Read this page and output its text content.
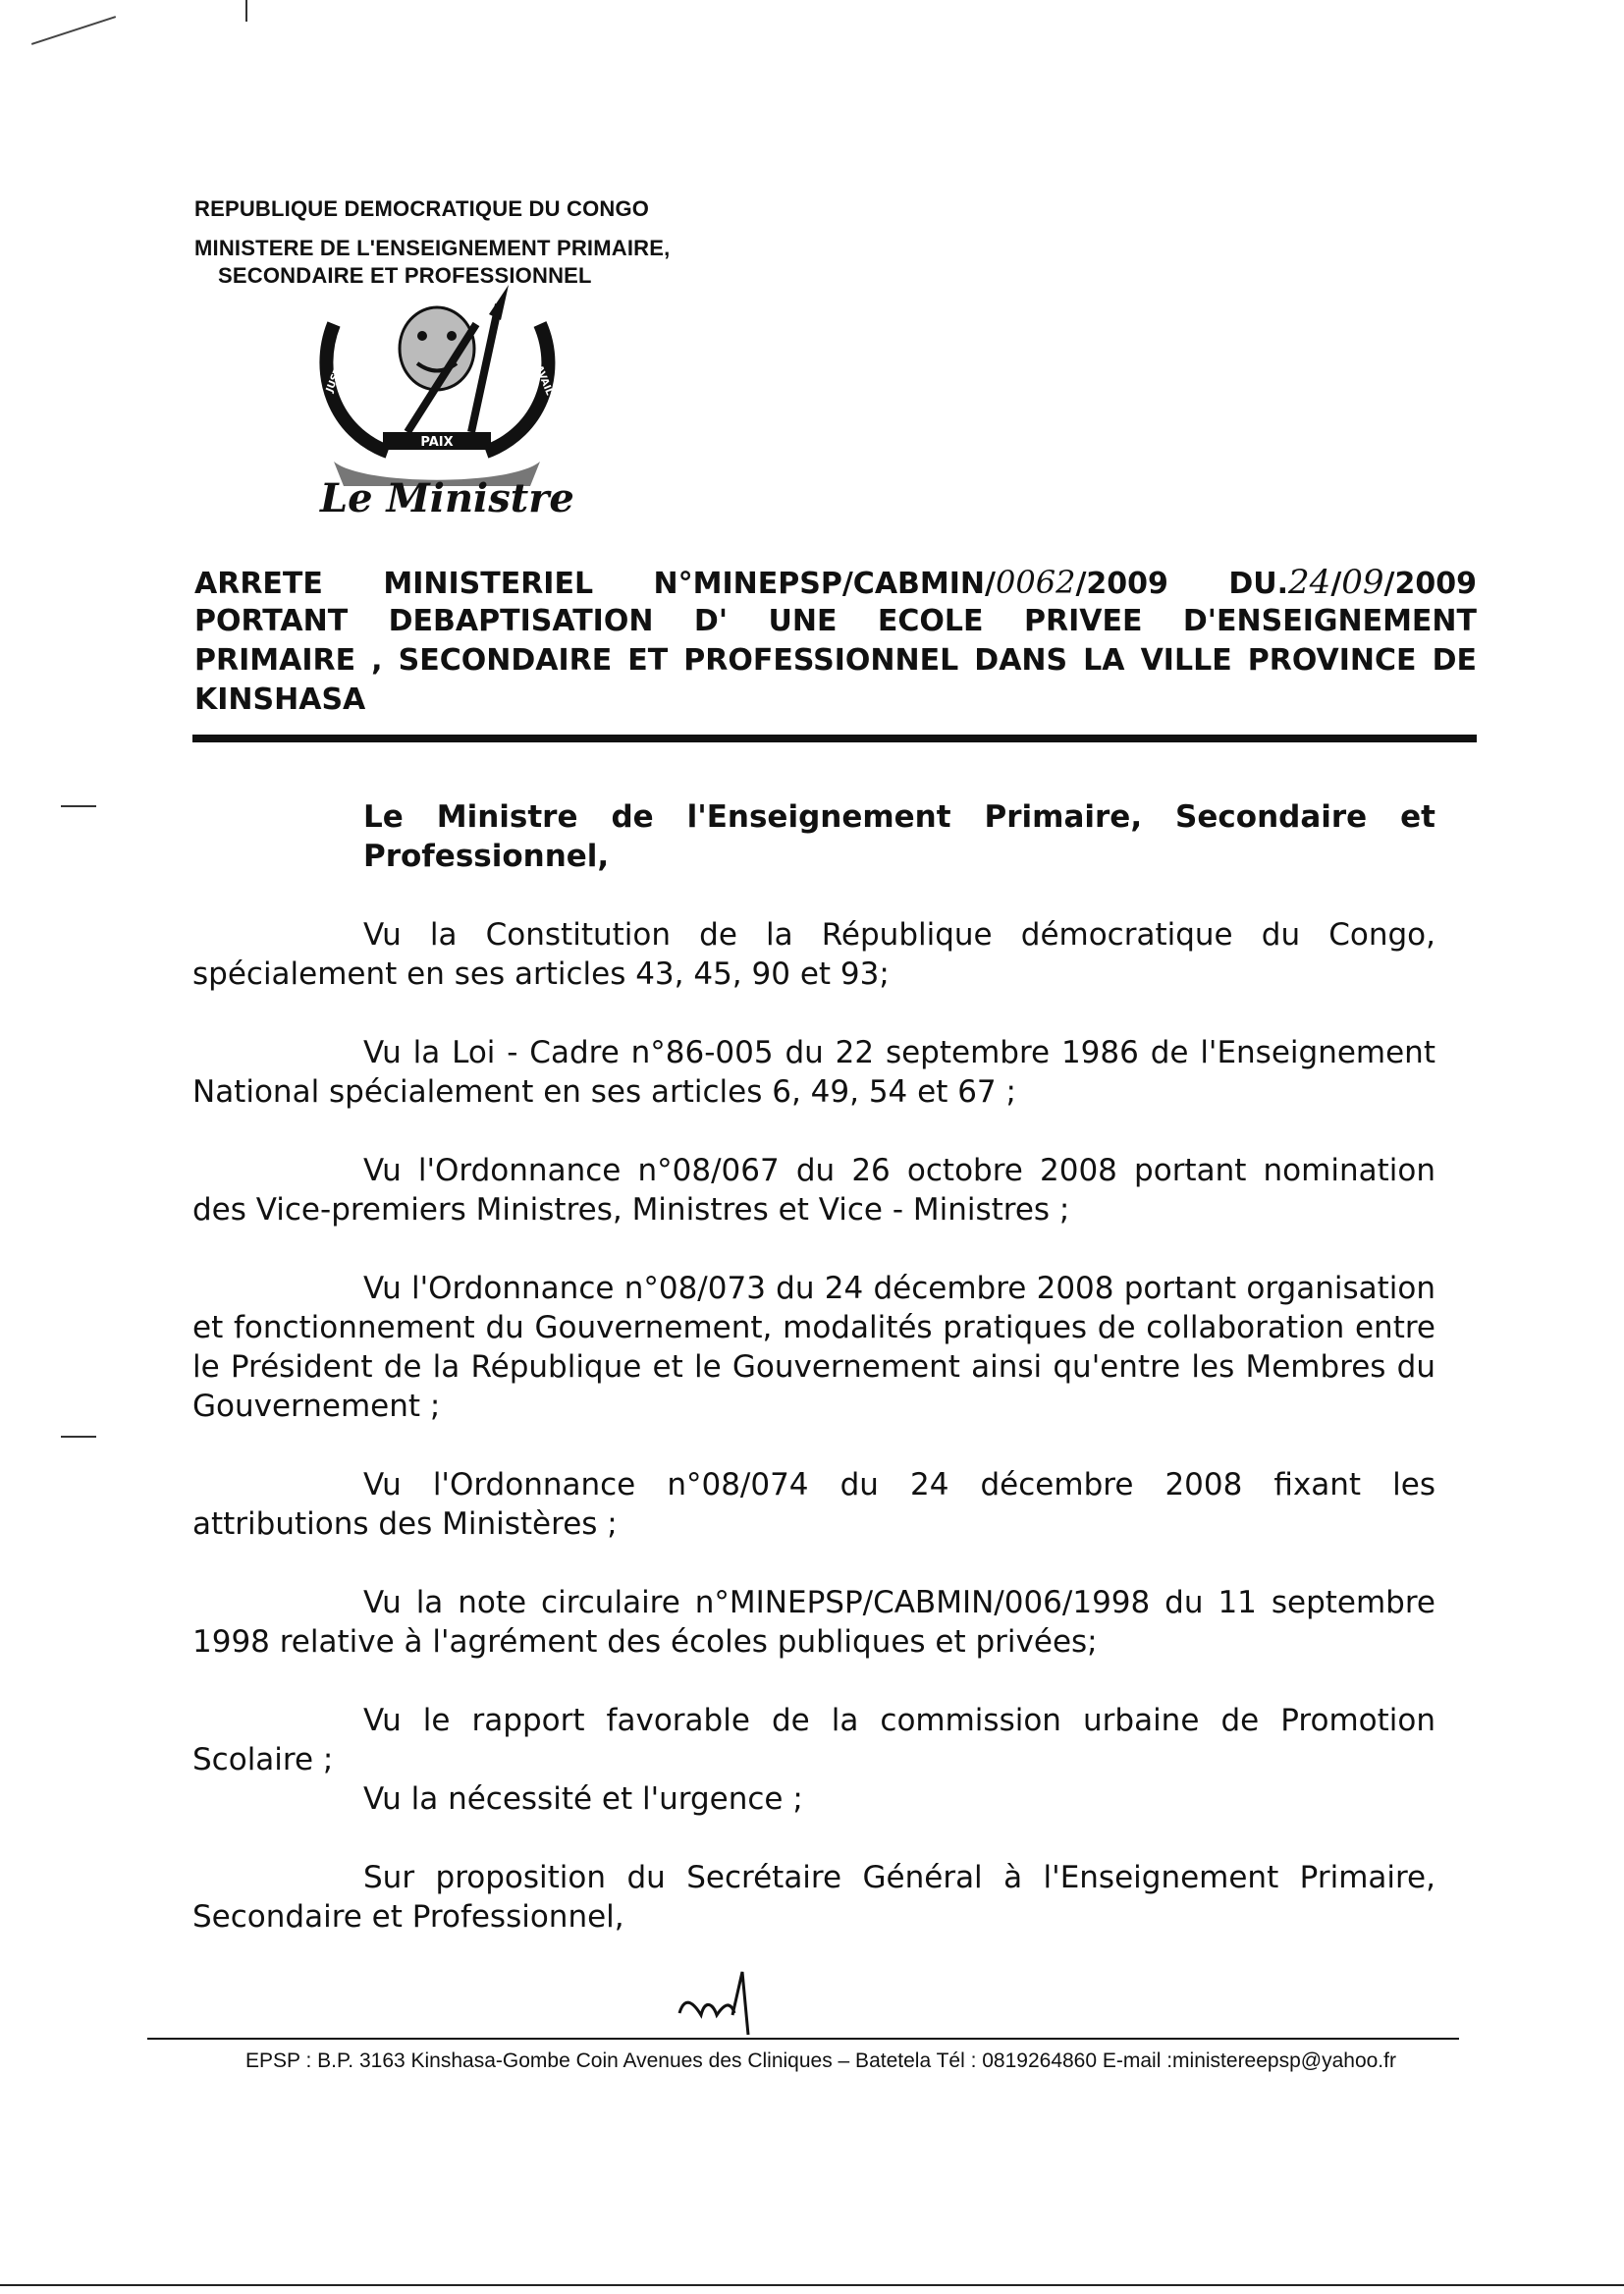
REPUBLIQUE DEMOCRATIQUE DU CONGO
MINISTERE DE L'ENSEIGNEMENT PRIMAIRE,
SECONDAIRE ET PROFESSIONNEL
PAIX
JUSTICE	TRAVAIL
Le Ministre
ARRETE MINISTERIEL N°MINEPSP/CABMIN/0062/2009 DU.24/09/2009
PORTANT DEBAPTISATION D' UNE ECOLE PRIVEE D'ENSEIGNEMENT
PRIMAIRE , SECONDAIRE ET PROFESSIONNEL DANS LA VILLE PROVINCE DE
KINSHASA

Le Ministre de l'Enseignement Primaire, Secondaire et Professionnel,

Vu la Constitution de la République démocratique du Congo, spécialement en ses articles 43, 45, 90 et 93;

Vu la Loi - Cadre n°86-005 du 22 septembre 1986 de l'Enseignement National spécialement en ses articles 6, 49, 54 et 67 ;

Vu l'Ordonnance n°08/067 du 26 octobre 2008 portant nomination des Vice-premiers Ministres, Ministres et Vice - Ministres ;

Vu l'Ordonnance n°08/073 du 24 décembre 2008 portant organisation et fonctionnement du Gouvernement, modalités pratiques de collaboration entre le Président de la République et le Gouvernement ainsi qu'entre les Membres du Gouvernement ;

Vu l'Ordonnance n°08/074 du 24 décembre 2008 fixant les attributions des Ministères ;

Vu la note circulaire n°MINEPSP/CABMIN/006/1998 du 11 septembre 1998 relative à l'agrément des écoles publiques et privées;

Vu le rapport favorable de la commission urbaine de Promotion Scolaire ;

Vu la nécessité et l'urgence ;

Sur proposition du Secrétaire Général à l'Enseignement Primaire, Secondaire et Professionnel,

EPSP : B.P. 3163 Kinshasa-Gombe Coin Avenues des Cliniques – Batetela Tél : 0819264860 E-mail :ministereepsp@yahoo.fr
